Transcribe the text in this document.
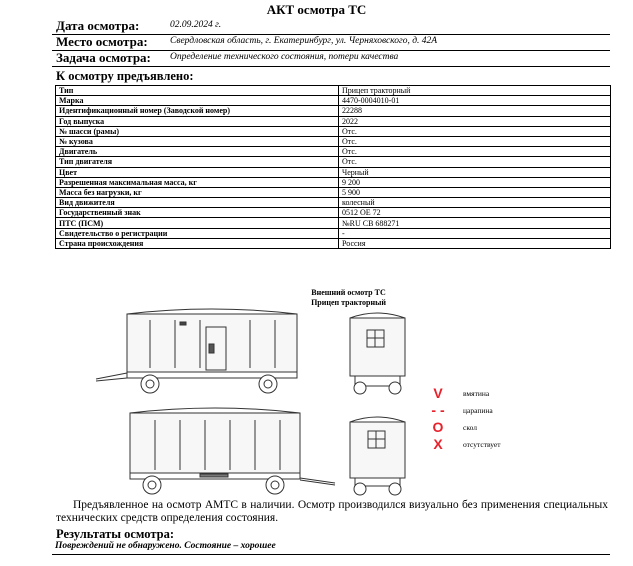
АКТ осмотра ТС
Дата осмотра:	02.09.2024 г.
Место осмотра: Свердловская область, г. Екатеринбург, ул. Черняховского, д. 42А
Задача осмотра: Определение технического состояния, потери качества
К осмотру предъявлено:
Тип	Прицеп тракторный
Марка	4470-0004010-01
Идентификационный номер (Заводской номер)	22288
Год выпуска	2022
№ шасси (рамы)	Отс.
№ кузова	Отс.
Двигатель	Отс.
Тип двигателя	Отс.
Цвет	Черный
Разрешенная максимальная масса, кг	9 200
Масса без нагрузки, кг	5 900
Вид движителя	колесный
Государственный знак	0512 ОЕ 72
ПТС (ПСМ)	№RU CB 688271
Свидетельство о регистрации	-
Страна происхождения	Россия
Внешний осмотр ТС
Прицеп тракторный
V	вмятина
- - царапина
O	скол
X	отсутствует
Предъявленное на осмотр АМТС в наличии. Осмотр производился визуально без применения специальных технических средств определения состояния.
Результаты осмотра:
Повреждений не обнаружено. Состояние – хорошее
